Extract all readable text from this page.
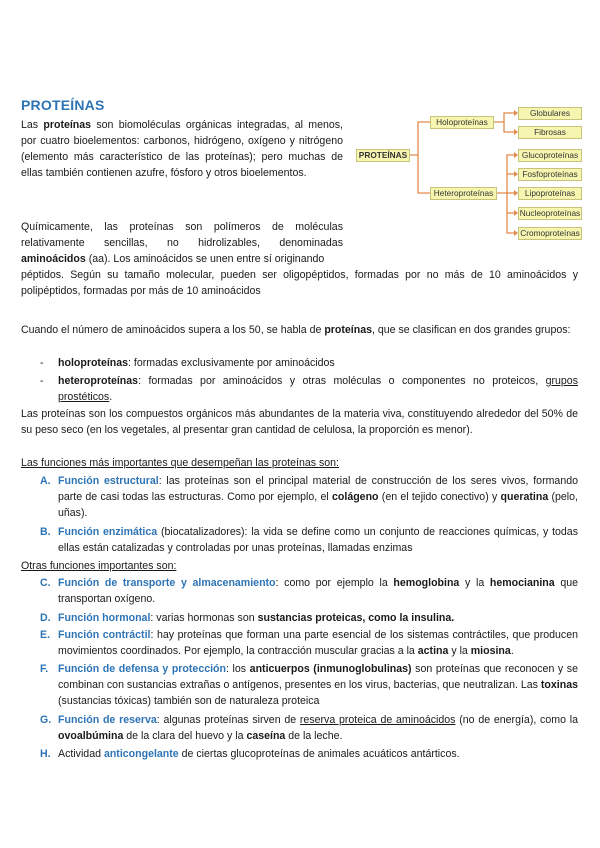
PROTEÍNAS

Las proteínas son biomoléculas orgánicas integradas, al menos, por cuatro bioelementos: carbonos, hidrógeno, oxígeno y nitrógeno (elemento más característico de las proteínas); pero muchas de ellas también contienen azufre, fósforo y otros bioelementos.

Químicamente, las proteínas son polímeros de moléculas relativamente sencillas, no hidrolizables, denominadas aminoácidos (aa). Los aminoácidos se unen entre sí originando

péptidos. Según su tamaño molecular, pueden ser oligopéptidos, formadas por no más de 10 aminoácidos y polipéptidos, formadas por más de 10 aminoácidos

PROTEÍNAS
Holoproteínas
Heteroproteínas
Globulares
Fibrosas
Glucoproteínas
Fosfoproteínas
Lipoproteínas
Nucleoproteínas
Cromoproteínas

Cuando el número de aminoácidos supera a los 50, se habla de proteínas, que se clasifican en dos grandes grupos:

- holoproteínas: formadas exclusivamente por aminoácidos
- heteroproteínas: formadas por aminoácidos y otras moléculas o componentes no proteicos, grupos prostéticos.

Las proteínas son los compuestos orgánicos más abundantes de la materia viva, constituyendo alrededor del 50% de su peso seco (en los vegetales, al presentar gran cantidad de celulosa, la proporción es menor).

Las funciones más importantes que desempeñan las proteínas son:

A. Función estructural: las proteínas son el principal material de construcción de los seres vivos, formando parte de casi todas las estructuras. Como por ejemplo, el colágeno (en el tejido conectivo) y queratina (pelo, uñas).
B. Función enzimática (biocatalizadores): la vida se define como un conjunto de reacciones químicas, y todas ellas están catalizadas y controladas por unas proteínas, llamadas enzimas

Otras funciones importantes son:

C. Función de transporte y almacenamiento: como por ejemplo la hemoglobina y la hemocianina que transportan oxígeno.
D. Función hormonal: varias hormonas son sustancias proteicas, como la insulina.
E. Función contráctil: hay proteínas que forman una parte esencial de los sistemas contráctiles, que producen movimientos coordinados. Por ejemplo, la contracción muscular gracias a la actina y la miosina.
F. Función de defensa y protección: los anticuerpos (inmunoglobulinas) son proteínas que reconocen y se combinan con sustancias extrañas o antígenos, presentes en los virus, bacterias, que neutralizan. Las toxinas (sustancias tóxicas) también son de naturaleza proteica
G. Función de reserva: algunas proteínas sirven de reserva proteica de aminoácidos (no de energía), como la ovoalbúmina de la clara del huevo y la caseína de la leche.
H. Actividad anticongelante de ciertas glucoproteínas de animales acuáticos antárticos.
